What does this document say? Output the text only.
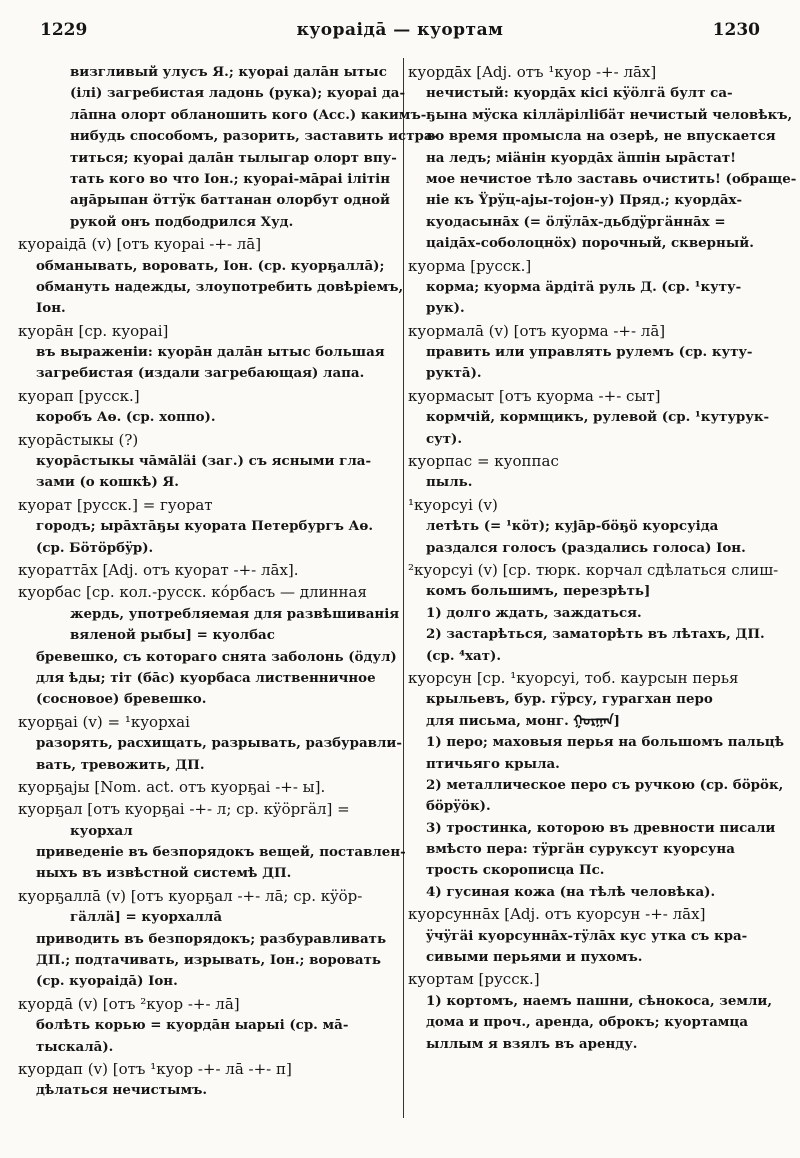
1229	куораiдā — куортам	1230
визгливый улусъ Я.; куораi далāн ытыс
(iлi) загребистая ладонь (рука); куораi да-
лāпна олорт обланошить кого (Acc.) какимъ-
нибудь способомъ, разорить, заставить истра-
титься; куораi далāн тылыгар олорт впу-
тать кого во что Іон.; куораi-мāраi iлiтiн
аӈāрыпан öттÿк баттанан олорбут одной
рукой онъ подбодрился Худ.
куораiдā (v) [отъ куораi -+- лā]
обманывать, воровать, Іон. (ср. куорҕаллā);
обмануть надежды, злоупотребить довѣрiемъ,
Іон.
куорāн [ср. куораi]
въ выраженiи: куорāн далāн ытыс большая
загребистая (издали загребающая) лапа.
куорап [русск.]
коробъ Аө. (ср. хоппо).
куорāстыкы (?)
куорāстыкы чāмāläi (заг.) съ ясными гла-
зами (о кошкѣ) Я.
куорат [русск.] = гуорат
городъ; ырāхтāҕы куората Петербургъ Аө.
(ср. Бöтöрбÿр).
куораттāх [Adj. отъ куорат -+- лāх].
куорбас [ср. кол.-русск. кóрбасъ — длинная
жердь, употребляемая для развѣшиванiя
вяленой рыбы] = куолбас
бревешко, съ котораго снята заболонь (öдул)
для ѣды; тiт (бāс) куорбаса лиственничное
(сосновое) бревешко.
куорҕаi (v) = ¹куорхаi
разорять, расхищать, разрывать, разбуравли-
вать, тревожить, ДП.
куорҕаjы [Nom. act. отъ куорҕаi -+- ы].
куорҕал [отъ куорҕаi -+- л; ср. кÿöргäл] =
куорхал
приведенiе въ безпорядокъ вещей, поставлен-
ныхъ въ извѣстной системѣ ДП.
куорҕаллā (v) [отъ куорҕал -+- лā; ср. кÿöр-
гäллä] = куорхаллā
приводить въ безпорядокъ; разбуравливать
ДП.; подтачивать, изрывать, Іон.; воровать
(ср. куораiдā) Іон.
куордā (v) [отъ ²куор -+- лā]
болѣть корью = куордāн ыарыi (ср. мā-
тыскалā).
куордап (v) [отъ ¹куор -+- лā -+- п]
дѣлаться нечистымъ.
куордāх [Adj. отъ ¹куор -+- лāх]
нечистый: куордāх кiсi кÿöлгä булт са-
ҕына мÿска кiллäрiлliбäт нечистый человѣкъ,
во время промысла на озерѣ, не впускается
на ледъ; мiäнiн куордāх äппiн ырāстат!
мое нечистое тѣло заставь очистить! (обраще-
нiе къ Ÿрÿц-аjы-тojон-у) Пряд.; куордāх-
куодасынāх (= öлÿлāх-дьбдÿргäннāх =
цаiдāх-соболоцнöх) порочный, скверный.
куорма [русск.]
корма; куорма äрдiтä руль Д. (ср. ¹куту-
рук).
куормалā (v) [отъ куорма -+- лā]
править или управлять рулемъ (ср. куту-
руктā).
куормасыт [отъ куорма -+- сыт]
кормчiй, кормщикъ, рулевой (ср. ¹кутурук-
сут).
куорпас = куоппас
пыль.
¹куорсуi (v)
летѣть (= ¹кöт); кујāр-бöҕö куорсуiда
раздался голосъ (раздались голоса) Іон.
²куорсуi (v) [ср. тюрк. корчал сдѣлаться слиш-
комъ большимъ, перезрѣть]
1) долго ждать, заждаться.
2) застарѣться, заматорѣть въ лѣтахъ, ДП.
(ср. ⁴хат).
куорсун [ср. ¹куорсуi, тоб. каурсын перья
крыльевъ, бур. гÿрсу, гурагхан перо
для письма, монг. ᠭᠤᠷᠭᠠᠨ]
1) перо; маховыя перья на большомъ пальцѣ
птичьяго крыла.
2) металлическое перо съ ручкою (ср. бöрöк,
бöрÿöк).
3) тростинка, которою въ древности писали
вмѣсто пера: тÿргäн суруксут куорсуна
трость скорописца Пс.
4) гусиная кожа (на тѣлѣ человѣка).
куорсуннāх [Adj. отъ куорсун -+- лāх]
ÿчÿгäi куорсуннāх-тÿлāх кус утка съ кра-
сивыми перьями и пухомъ.
куортам [русск.]
1) кортомъ, наемъ пашни, сѣнокоса, земли,
дома и проч., аренда, оброкъ; куортамца
ыллым я взялъ въ аренду.
